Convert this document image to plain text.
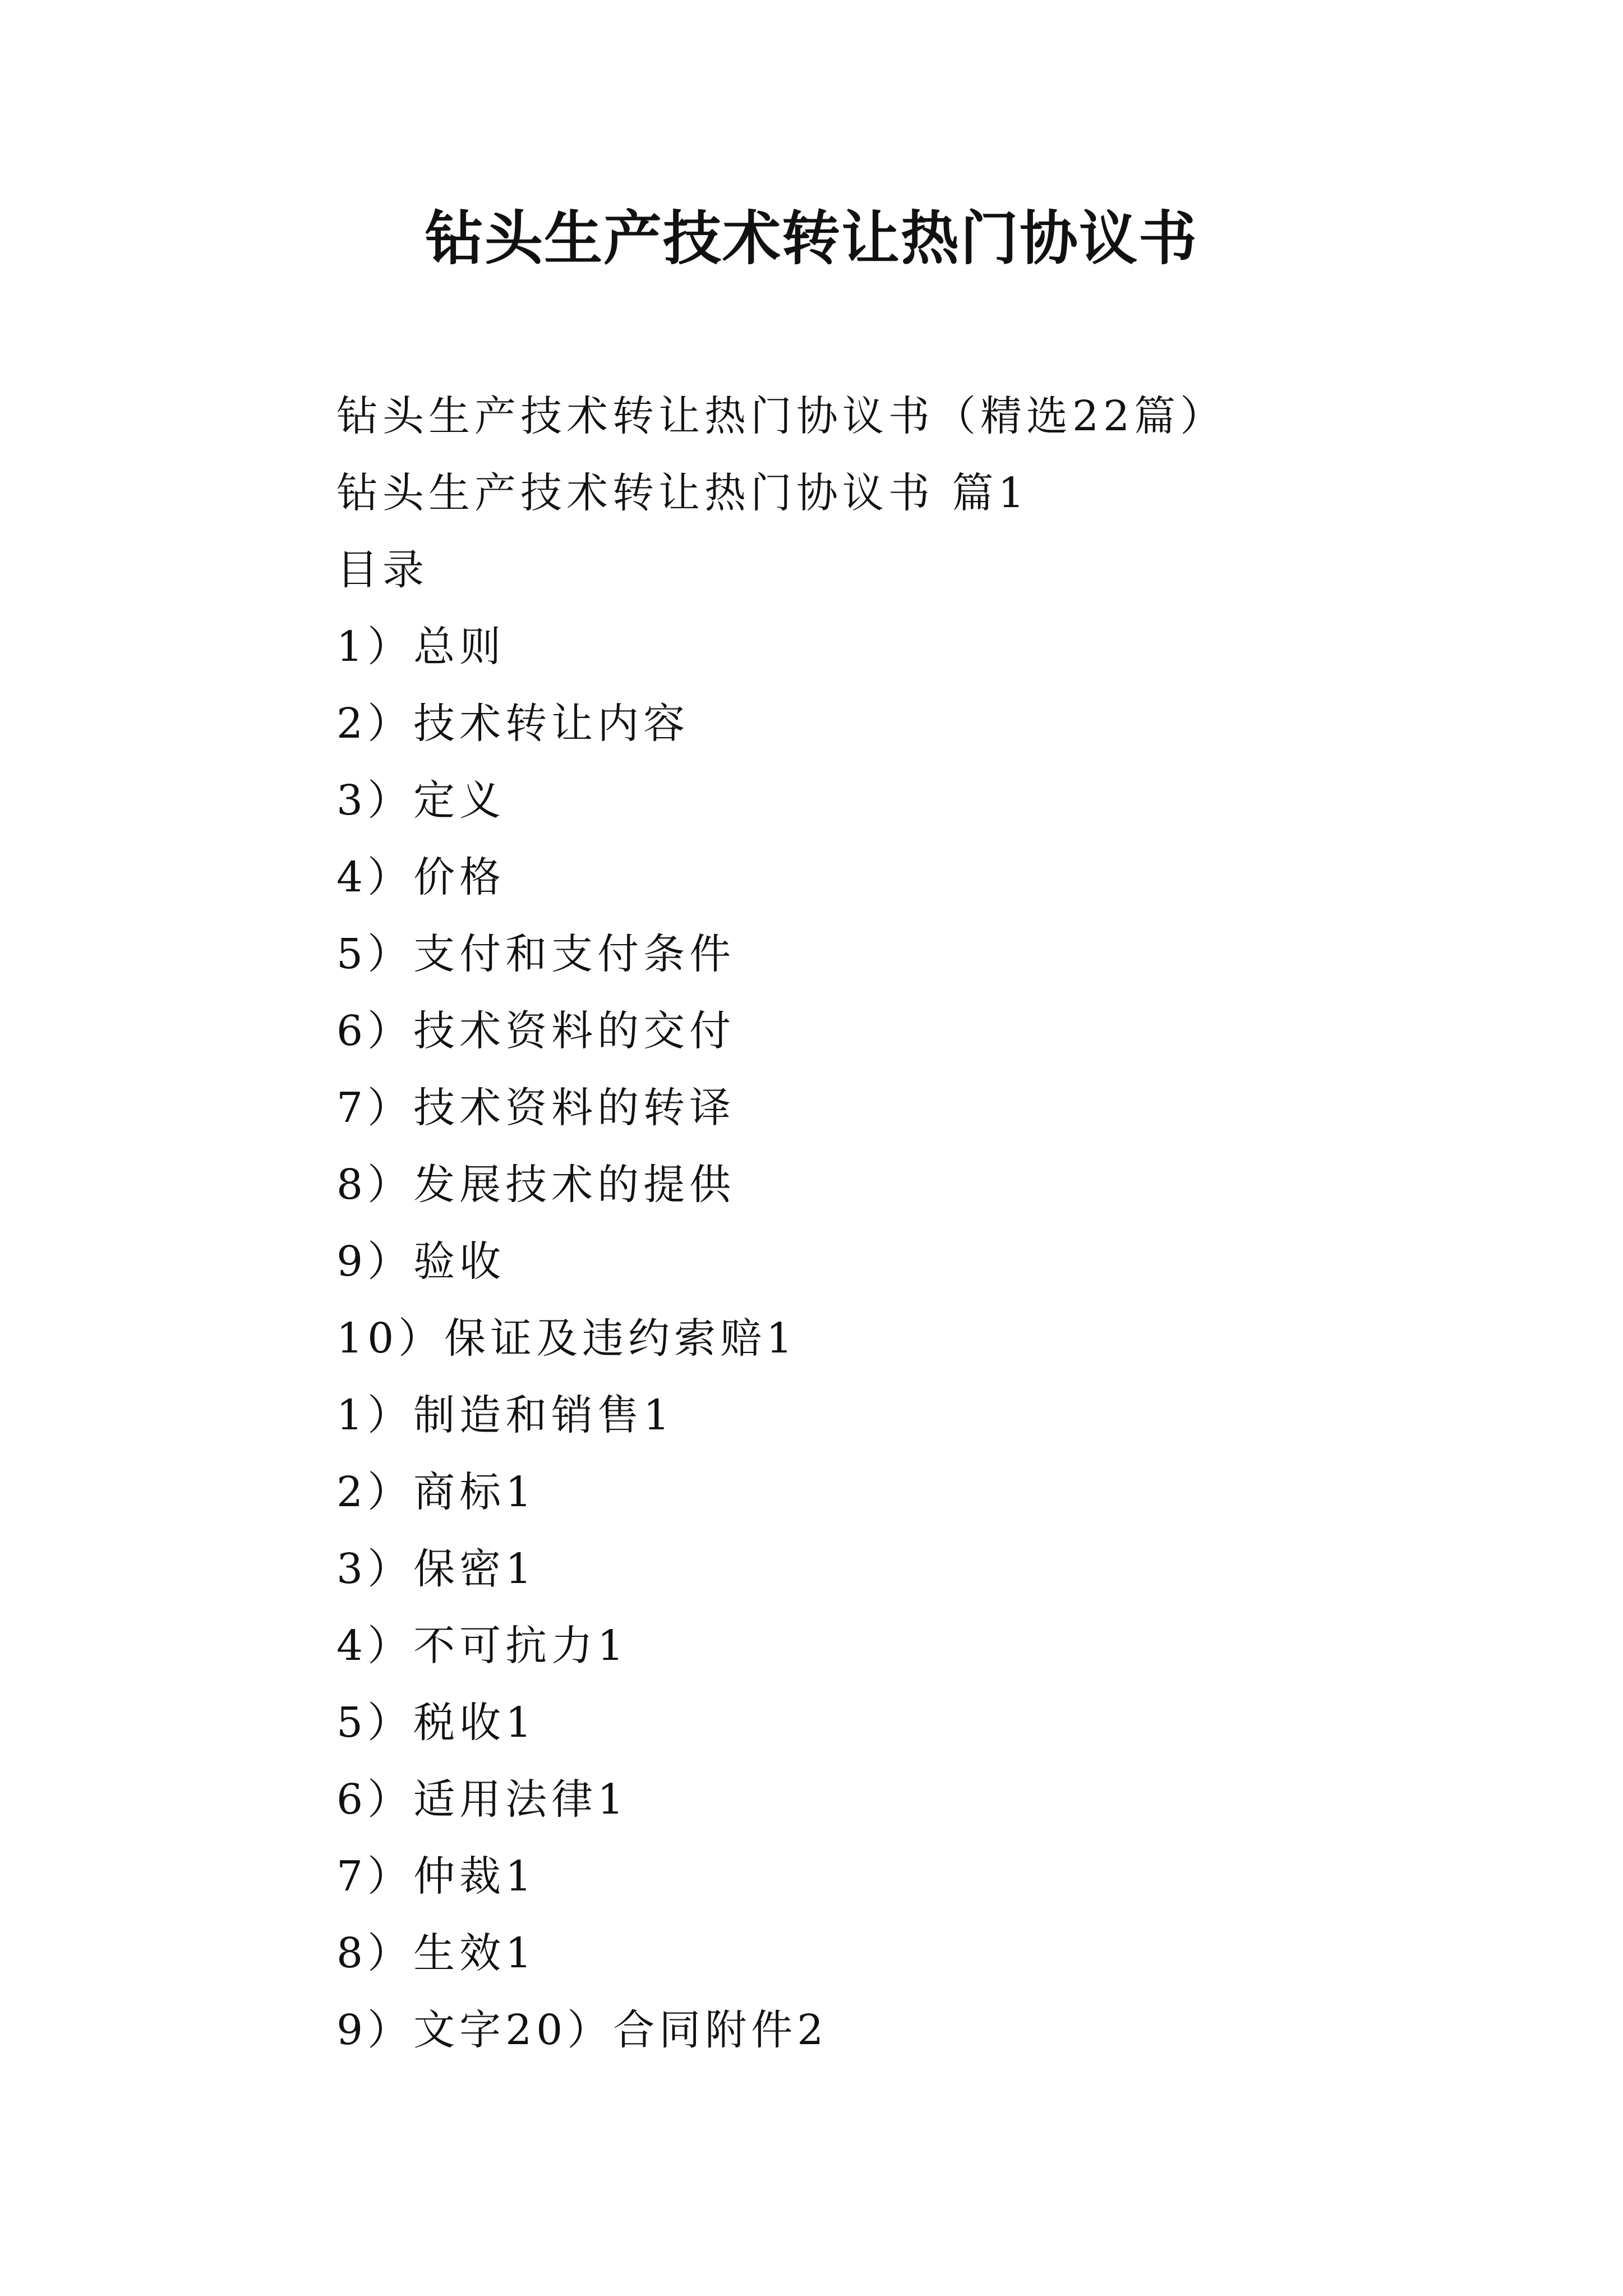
钻头生产技术转让热门协议书
钻头生产技术转让热门协议书（精选22篇）
钻头生产技术转让热门协议书 篇1
目录
1）总则
2）技术转让内容
3）定义
4）价格
5）支付和支付条件
6）技术资料的交付
7）技术资料的转译
8）发展技术的提供
9）验收
10）保证及违约索赔1
1）制造和销售1
2）商标1
3）保密1
4）不可抗力1
5）税收1
6）适用法律1
7）仲裁1
8）生效1
9）文字20）合同附件2
